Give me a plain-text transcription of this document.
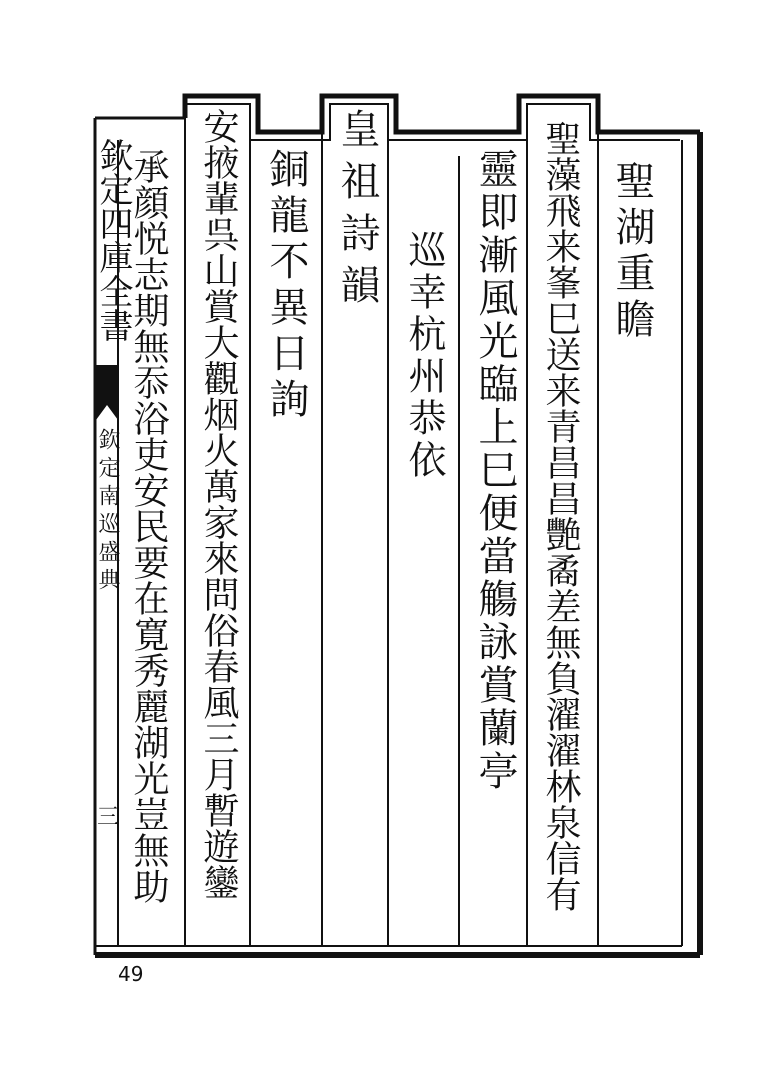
欽定四庫全書
欽定南巡盛典
三
聖湖重瞻
聖藻飛来峯巳送来青昌昌艷矞差無負濯濯林泉信有
靈即漸風光臨上巳便當觴詠賞蘭亭
巡幸杭州恭依
皇祖詩韻
銅龍不異日詢
安掖輩呉山賞大觀烟火萬家來問俗春風三月暫遊鑾
承顔悦志期無忝浴吏安民要在寛秀麗湖光豈無助
49
